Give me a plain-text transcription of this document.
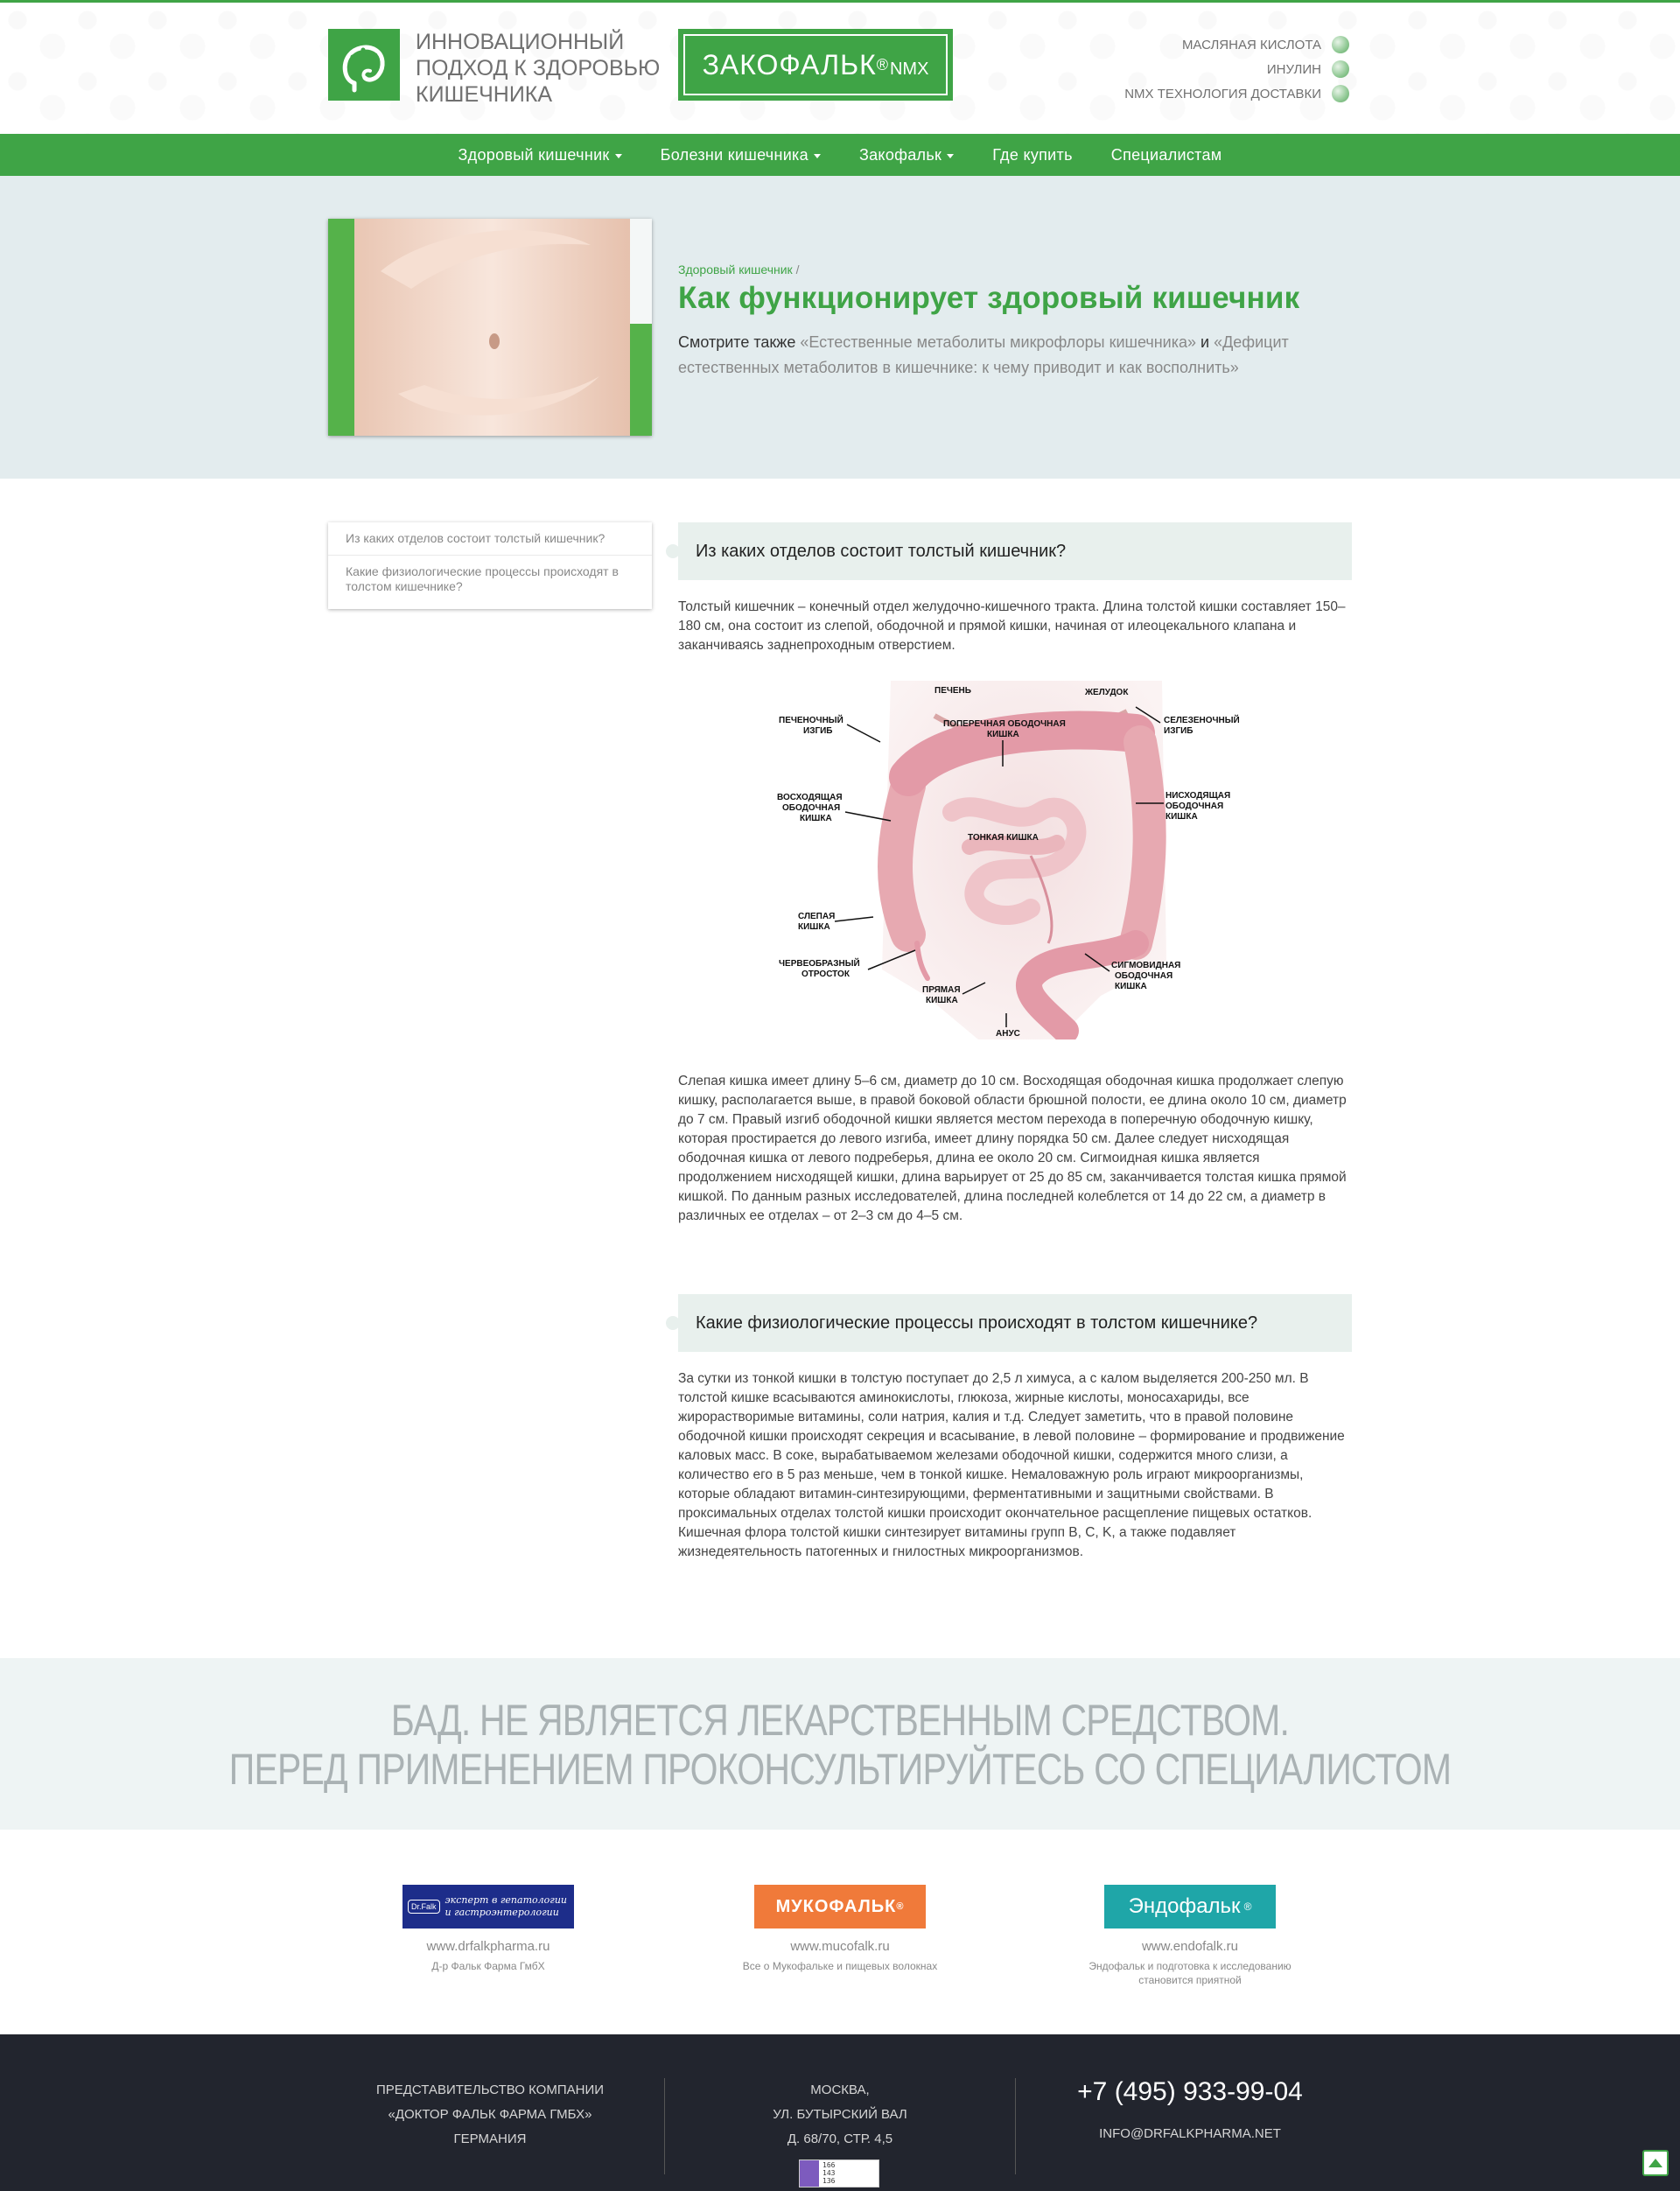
ИННОВАЦИОННЫЙ
ПОДХОД К ЗДОРОВЬЮ
КИШЕЧНИКА
ЗАКОФАЛЬК ® NMX
МАСЛЯНАЯ КИСЛОТА
ИНУЛИН
NMX ТЕХНОЛОГИЯ ДОСТАВКИ
Здоровый кишечник	Болезни кишечника	Закофальк	Где купить	Специалистам
Здоровый кишечник /
Как функционирует здоровый кишечник

Смотрите также «Естественные метаболиты микрофлоры кишечника» и «Дефицит естественных метаболитов в кишечнике: к чему приводит и как восполнить»

Из каких отделов состоит толстый кишечник?
Какие физиологические процессы происходят в толстом кишечнике?
Из каких отделов состоит толстый кишечник?

Толстый кишечник – конечный отдел желудочно-кишечного тракта. Длина толстой кишки составляет 150–180 см, она состоит из слепой, ободочной и прямой кишки, начиная от илеоцекального клапана и заканчиваясь заднепроходным отверстием.

ПЕЧЕНЬ	ЖЕЛУДОК
ПЕЧЕНОЧНЫЙ
ИЗГИБ
СЕЛЕЗЕНОЧНЫЙ
ИЗГИБ
ПОПЕРЕЧНАЯ ОБОДОЧНАЯ
КИШКА
ВОСХОДЯЩАЯ
ОБОДОЧНАЯ
КИШКА
НИСХОДЯЩАЯ
ОБОДОЧНАЯ
КИШКА
ТОНКАЯ КИШКА
СЛЕПАЯ
КИШКА
ЧЕРВЕОБРАЗНЫЙ
ОТРОСТОК
СИГМОВИДНАЯ
ОБОДОЧНАЯ
КИШКА
ПРЯМАЯ
КИШКА
АНУС

Слепая кишка имеет длину 5–6 см, диаметр до 10 см. Восходящая ободочная кишка продолжает слепую кишку, располагается выше, в правой боковой области брюшной полости, ее длина около 10 см, диаметр до 7 см. Правый изгиб ободочной кишки является местом перехода в поперечную ободочную кишку, которая простирается до левого изгиба, имеет длину порядка 50 см. Далее следует нисходящая ободочная кишка от левого подреберья, длина ее около 20 см. Сигмоидная кишка является продолжением нисходящей кишки, длина варьирует от 25 до 85 см, заканчивается толстая кишка прямой кишкой. По данным разных исследователей, длина последней колеблется от 14 до 22 см, а диаметр в различных ее отделах – от 2–3 см до 4–5 см.

Какие физиологические процессы происходят в толстом кишечнике?

За сутки из тонкой кишки в толстую поступает до 2,5 л химуса, а с калом выделяется 200-250 мл. В толстой кишке всасываются аминокислоты, глюкоза, жирные кислоты, моносахариды, все жирорастворимые витамины, соли натрия, калия и т.д. Следует заметить, что в правой половине ободочной кишки происходят секреция и всасывание, в левой половине – формирование и продвижение каловых масс. В соке, вырабатываемом железами ободочной кишки, содержится много слизи, а количество его в 5 раз меньше, чем в тонкой кишке. Немаловажную роль играют микроорганизмы, которые обладают витамин-синтезирующими, ферментативными и защитными свойствами. В проксимальных отделах толстой кишки происходит окончательное расщепление пищевых остатков. Кишечная флора толстой кишки синтезирует витамины групп B, C, K, а также подавляет жизнедеятельность патогенных и гнилостных микроорганизмов.

БАД. НЕ ЯВЛЯЕТСЯ ЛЕКАРСТВЕННЫМ СРЕДСТВОМ.
ПЕРЕД ПРИМЕНЕНИЕМ ПРОКОНСУЛЬТИРУЙТЕСЬ СО СПЕЦИАЛИСТОМ
Dr.Falk
эксперт в гепатологии
и гастроэнтерологии
www.drfalkpharma.ru
Д-р Фальк Фарма ГмбХ
МУКОФАЛЬК ®
www.mucofalk.ru
Все о Мукофальке и пищевых волокнах
Эндофальк ®
www.endofalk.ru
Эндофальк и подготовка к исследованию
становится приятной
ПРЕДСТАВИТЕЛЬСТВО КОМПАНИИ
«ДОКТОР ФАЛЬК ФАРМА ГМБХ»
ГЕРМАНИЯ
МОСКВА,
УЛ. БУТЫРСКИЙ ВАЛ
Д. 68/70, СТР. 4,5
+7 (495) 933-99-04
INFO@DRFALKPHARMA.NET
166
143
136
